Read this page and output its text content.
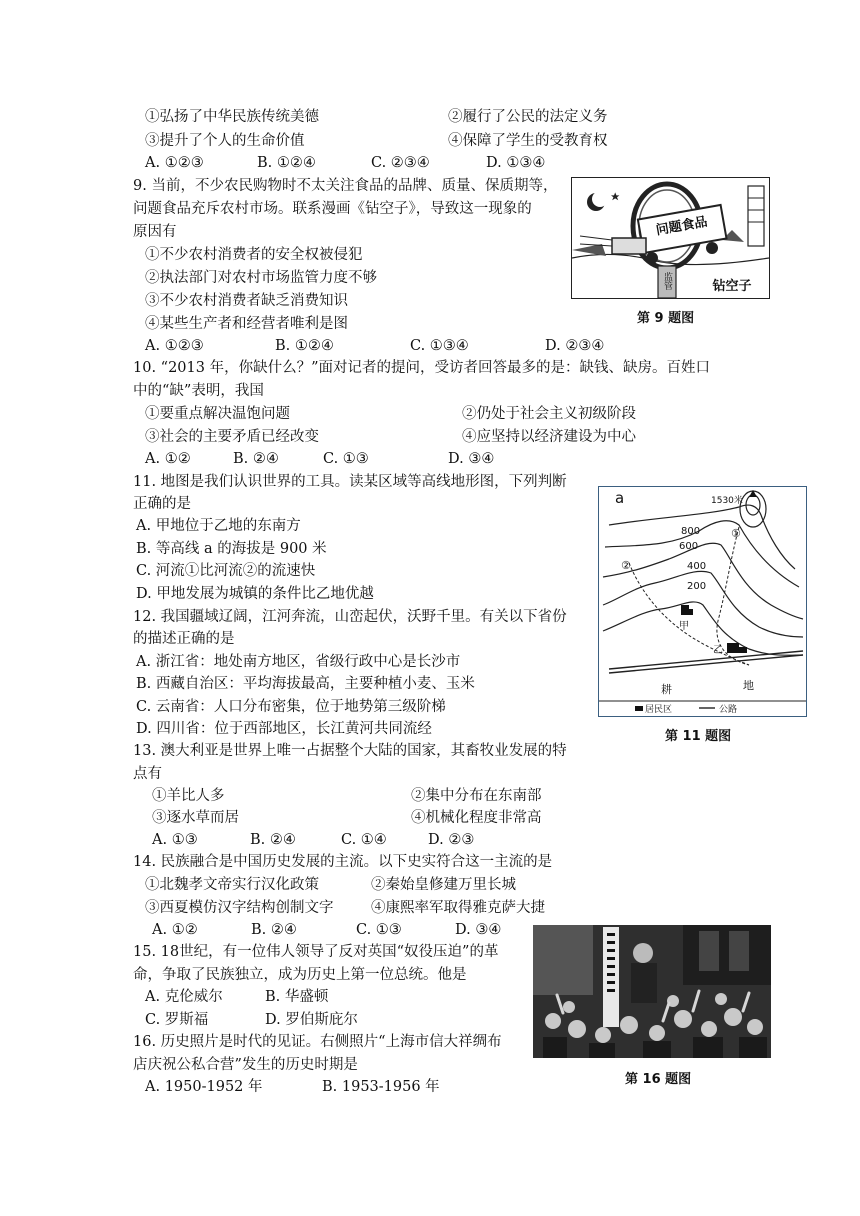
①弘扬了中华民族传统美德	②履行了公民的法定义务
③提升了个人的生命价值	④保障了学生的受教育权
A. ①②③	B. ①②④	C. ②③④	D. ①③④
9. 当前，不少农民购物时不太关注食品的品牌、质量、保质期等，
问题食品充斥农村市场。联系漫画《钻空子》，导致这一现象的
原因有
①不少农村消费者的安全权被侵犯
②执法部门对农村市场监管力度不够
③不少农村消费者缺乏消费知识
④某些生产者和经营者唯利是图
A. ①②③	B. ①②④	C. ①③④	D. ②③④
监管
问题食品
钻空子
第 9 题图
10. “2013 年，你缺什么？”面对记者的提问，受访者回答最多的是：缺钱、缺房。百姓口
中的“缺”表明，我国
①要重点解决温饱问题	②仍处于社会主义初级阶段
③社会的主要矛盾已经改变	④应坚持以经济建设为中心
A. ①②	B. ②④	C. ①③	D. ③④
11. 地图是我们认识世界的工具。读某区域等高线地形图，下列判断
正确的是
A. 甲地位于乙地的东南方
B. 等高线 a 的海拔是 900 米
C. 河流①比河流②的流速快
D. 甲地发展为城镇的条件比乙地优越
a	1530米
800
600
400
200
①
②
甲
乙
耕	地
居民区	公路
第 11 题图
12. 我国疆域辽阔，江河奔流，山峦起伏，沃野千里。有关以下省份
的描述正确的是
A. 浙江省：地处南方地区，省级行政中心是长沙市
B. 西藏自治区：平均海拔最高，主要种植小麦、玉米
C. 云南省：人口分布密集，位于地势第三级阶梯
D. 四川省：位于西部地区，长江黄河共同流经
13. 澳大利亚是世界上唯一占据整个大陆的国家，其畜牧业发展的特
点有
①羊比人多	②集中分布在东南部
③逐水草而居	④机械化程度非常高
A. ①③	B. ②④	C. ①④	D. ②③
14. 民族融合是中国历史发展的主流。以下史实符合这一主流的是
①北魏孝文帝实行汉化政策	②秦始皇修建万里长城
③西夏模仿汉字结构创制文字	④康熙率军取得雅克萨大捷
A. ①②	B. ②④	C. ①③	D. ③④
15. 18世纪，有一位伟人领导了反对英国“奴役压迫”的革
命，争取了民族独立，成为历史上第一位总统。他是
A. 克伦威尔	B. 华盛顿
C. 罗斯福	D. 罗伯斯庇尔
16. 历史照片是时代的见证。右侧照片“上海市信大祥绸布
店庆祝公私合营”发生的历史时期是
A. 1950-1952 年	B. 1953-1956 年	第 16 题图
